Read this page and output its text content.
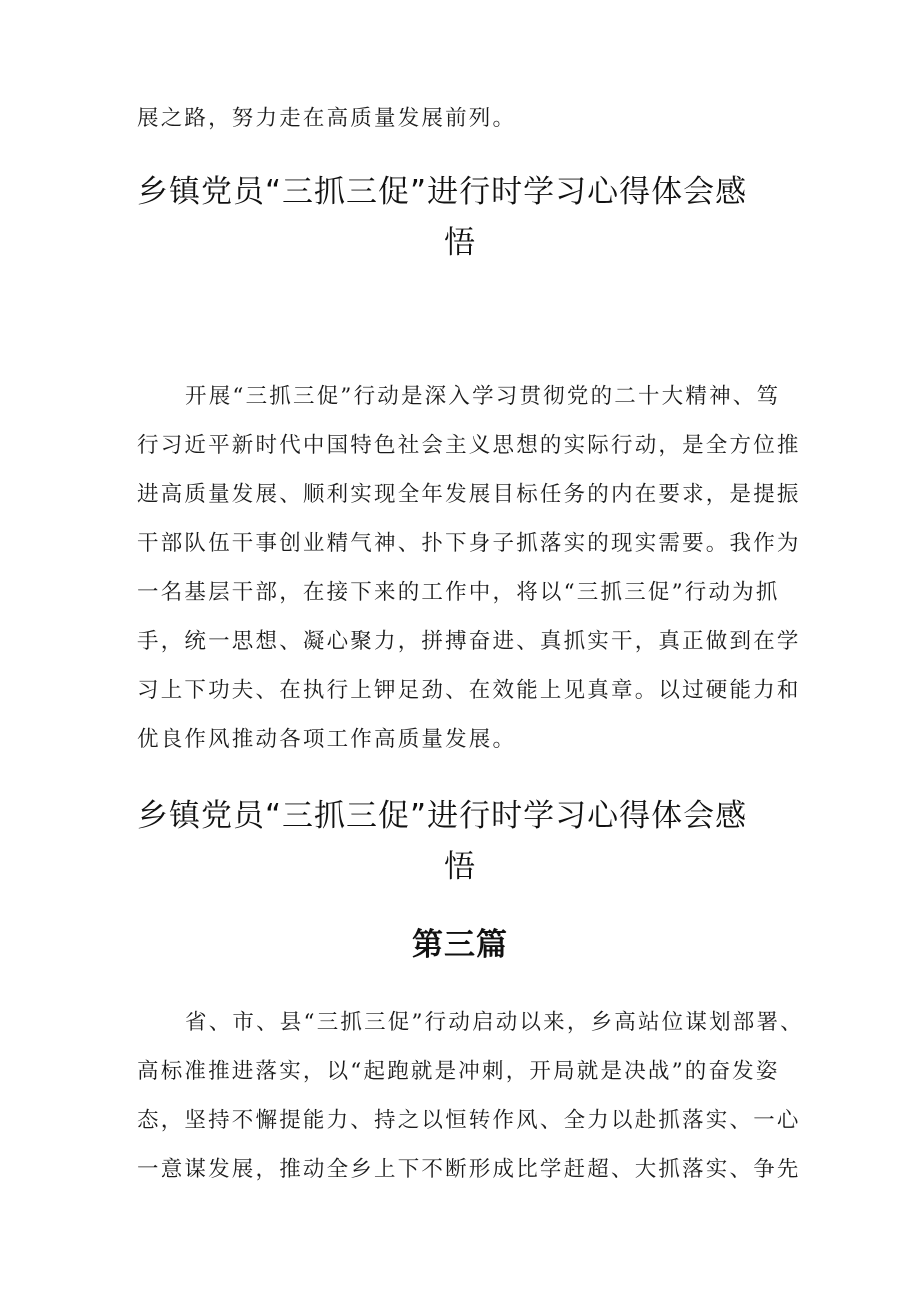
展之路，努力走在高质量发展前列。
乡镇党员“三抓三促”进行时学习心得体会感
悟
开展“三抓三促”行动是深入学习贯彻党的二十大精神、笃
行习近平新时代中国特色社会主义思想的实际行动，是全方位推
进高质量发展、顺利实现全年发展目标任务的内在要求，是提振
干部队伍干事创业精气神、扑下身子抓落实的现实需要。我作为
一名基层干部，在接下来的工作中，将以“三抓三促”行动为抓
手，统一思想、凝心聚力，拼搏奋进、真抓实干，真正做到在学
习上下功夫、在执行上钾足劲、在效能上见真章。以过硬能力和
优良作风推动各项工作高质量发展。
乡镇党员“三抓三促”进行时学习心得体会感
悟
第三篇
省、市、县“三抓三促”行动启动以来，乡高站位谋划部署、
高标准推进落实，以“起跑就是冲刺，开局就是决战”的奋发姿
态，坚持不懈提能力、持之以恒转作风、全力以赴抓落实、一心
一意谋发展，推动全乡上下不断形成比学赶超、大抓落实、争先
